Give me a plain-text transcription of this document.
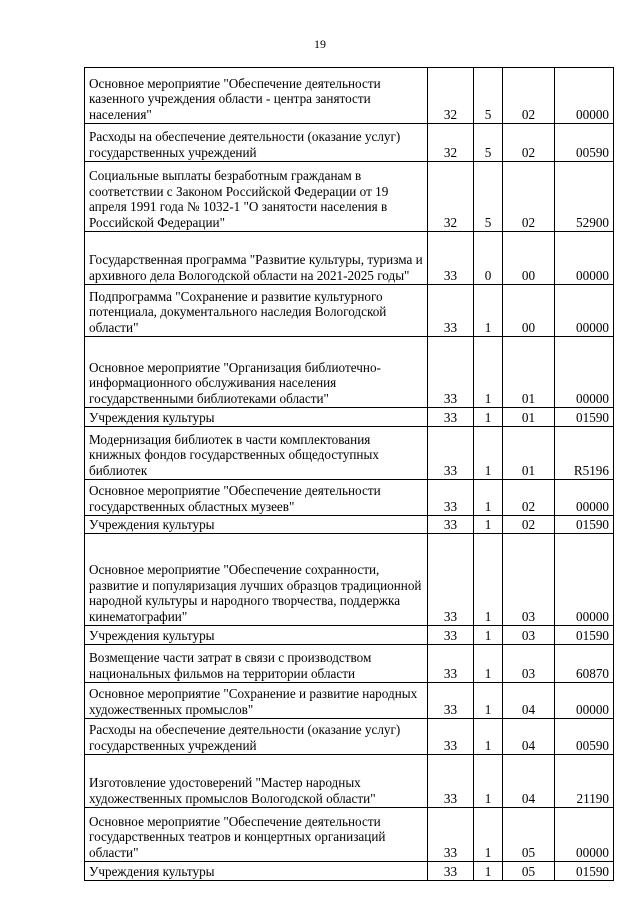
19
Основное мероприятие "Обеспечение деятельности казенного учреждения области - центра занятости населения"	32	5	02	00000
Расходы на обеспечение деятельности (оказание услуг) государственных учреждений	32	5	02	00590
Социальные выплаты безработным гражданам в соответствии с Законом Российской Федерации от 19 апреля 1991 года № 1032-1 "О занятости населения в Российской Федерации"	32	5	02	52900
Государственная программа "Развитие культуры, туризма и архивного дела Вологодской области на 2021-2025 годы"	33	0	00	00000
Подпрограмма "Сохранение и развитие культурного потенциала, документального наследия Вологодской области"	33	1	00	00000
Основное мероприятие "Организация библиотечно-информационного обслуживания населения государственными библиотеками области"	33	1	01	00000
Учреждения культуры	33	1	01	01590
Модернизация библиотек в части комплектования книжных фондов государственных общедоступных библиотек	33	1	01	R5196
Основное мероприятие "Обеспечение деятельности государственных областных музеев"	33	1	02	00000
Учреждения культуры	33	1	02	01590
Основное мероприятие "Обеспечение сохранности, развитие и популяризация лучших образцов традиционной народной культуры и народного творчества, поддержка кинематографии"	33	1	03	00000
Учреждения культуры	33	1	03	01590
Возмещение части затрат в связи с производством национальных фильмов на территории области	33	1	03	60870
Основное мероприятие "Сохранение и развитие народных художественных промыслов"	33	1	04	00000
Расходы на обеспечение деятельности (оказание услуг) государственных учреждений	33	1	04	00590
Изготовление удостоверений "Мастер народных художественных промыслов Вологодской области"	33	1	04	21190
Основное мероприятие "Обеспечение деятельности государственных театров и концертных организаций области"	33	1	05	00000
Учреждения культуры	33	1	05	01590
